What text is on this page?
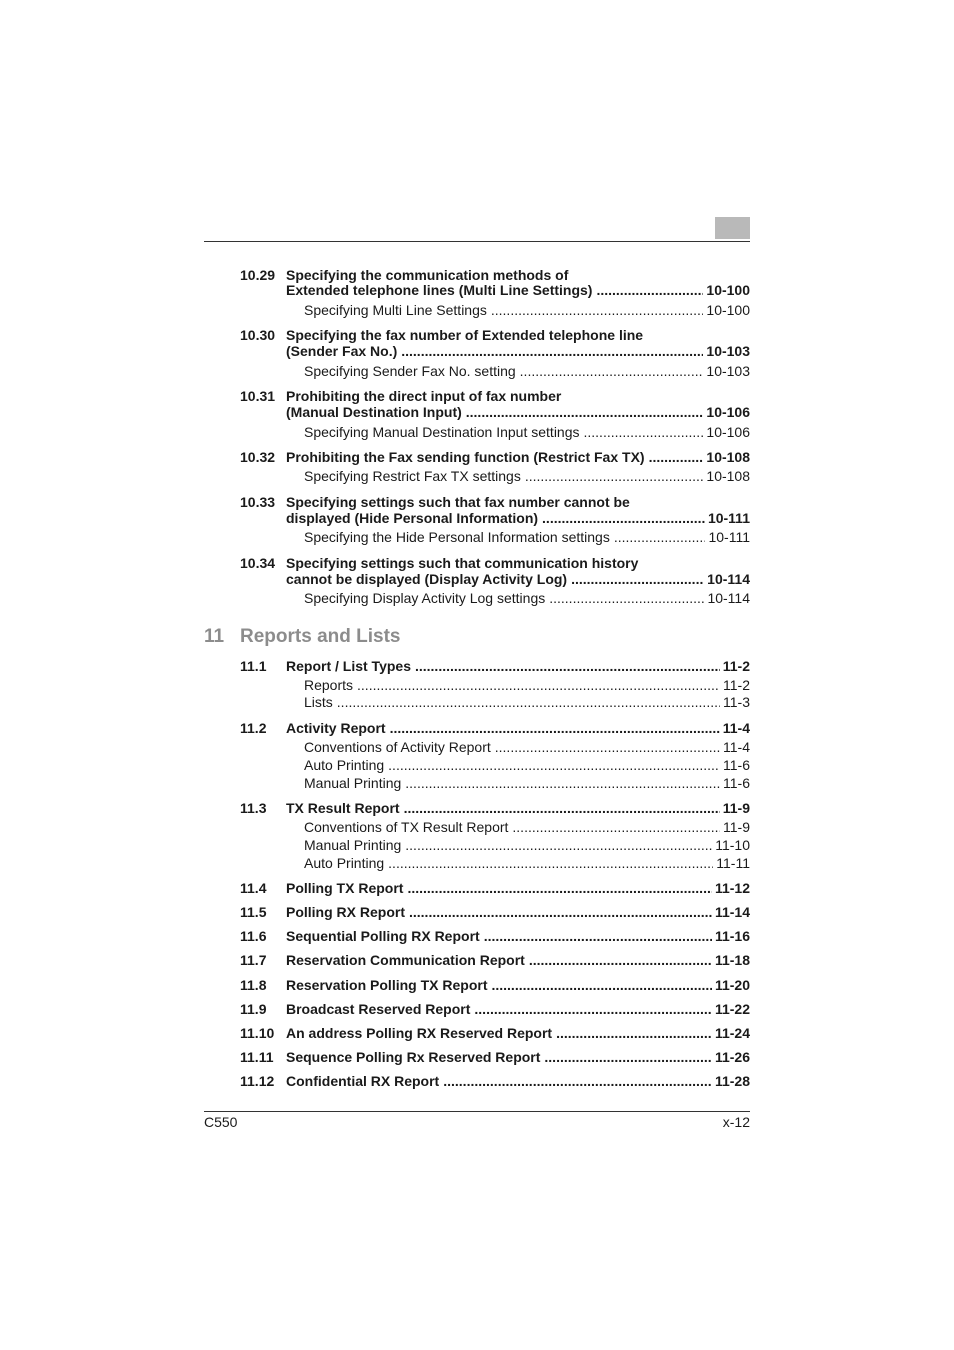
11 Reports and Lists
10.29 Specifying the communication methods of
Extended telephone lines (Multi Line Settings) .....	10-100
Specifying Multi Line Settings .....	10-100
10.30 Specifying the fax number of Extended telephone line
(Sender Fax No.) .....	10-103
Specifying Sender Fax No. setting .....	10-103
10.31 Prohibiting the direct input of fax number
(Manual Destination Input) .....	10-106
Specifying Manual Destination Input settings .....	10-106
10.32 Prohibiting the Fax sending function (Restrict Fax TX) .....	10-108
Specifying Restrict Fax TX settings .....	10-108
10.33 Specifying settings such that fax number cannot be
displayed (Hide Personal Information) .....	10-111
Specifying the Hide Personal Information settings .....	10-111
10.34 Specifying settings such that communication history
cannot be displayed (Display Activity Log) .....	10-114
Specifying Display Activity Log settings .....	10-114
11.1 Report / List Types .....	11-2
Reports .....	11-2
Lists .....	11-3
11.2 Activity Report .....	11-4
Conventions of Activity Report .....	11-4
Auto Printing .....	11-6
Manual Printing .....	11-6
11.3 TX Result Report .....	11-9
Conventions of TX Result Report .....	11-9
Manual Printing .....	11-10
Auto Printing .....	11-11
11.4 Polling TX Report .....	11-12
11.5 Polling RX Report .....	11-14
11.6 Sequential Polling RX Report .....	11-16
11.7 Reservation Communication Report .....	11-18
11.8 Reservation Polling TX Report .....	11-20
11.9 Broadcast Reserved Report .....	11-22
11.10 An address Polling RX Reserved Report .....	11-24
11.11 Sequence Polling Rx Reserved Report .....	11-26
11.12 Confidential RX Report .....	11-28
C550	x-12
